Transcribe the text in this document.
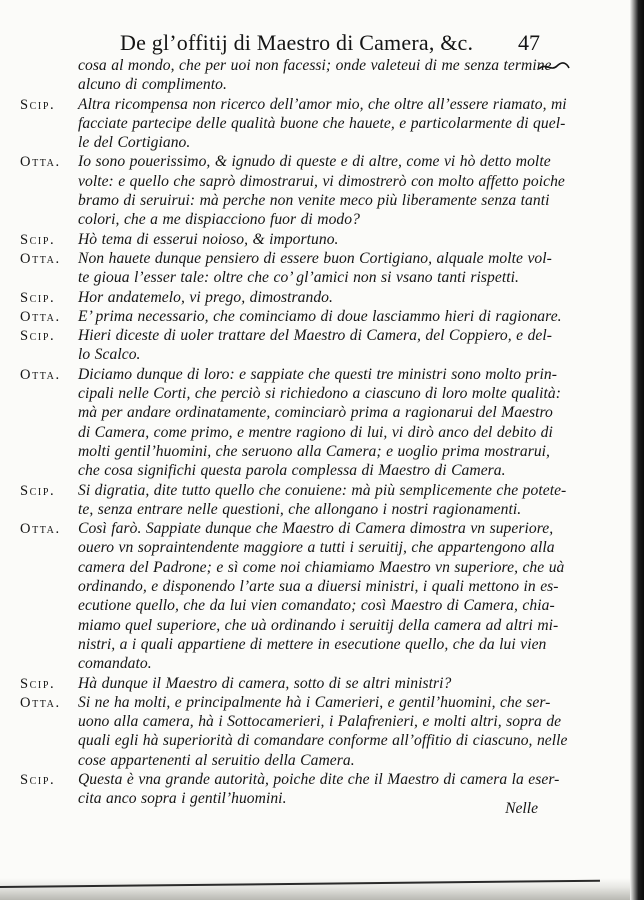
De gl’offitij di Maestro di Camera, &c. 47
cosa al mondo, che per uoi non facessi; onde valeteui di me senza termine
alcuno di complimento.
Scip.	Altra ricompensa non ricerco dell’amor mio, che oltre all’essere riamato, mi
facciate partecipe delle qualità buone che hauete, e particolarmente di quel-
le del Cortigiano.
Otta.	Io sono pouerissimo, & ignudo di queste e di altre, come vi hò detto molte
volte: e quello che saprò dimostrarui, vi dimostrerò con molto affetto poiche
bramo di seruirui: mà perche non venite meco più liberamente senza tanti
colori, che a me dispiacciono fuor di modo?
Scip.	Hò tema di esserui noioso, & importuno.
Otta.	Non hauete dunque pensiero di essere buon Cortigiano, alquale molte vol-
te gioua l’esser tale: oltre che co’ gl’amici non si vsano tanti rispetti.
Scip.	Hor andatemelo, vi prego, dimostrando.
Otta.	E’ prima necessario, che cominciamo di doue lasciammo hieri di ragionare.
Scip.	Hieri diceste di uoler trattare del Maestro di Camera, del Coppiero, e del-
lo Scalco.
Otta.	Diciamo dunque di loro: e sappiate che questi tre ministri sono molto prin-
cipali nelle Corti, che perciò si richiedono a ciascuno di loro molte qualità:
mà per andare ordinatamente, cominciarò prima a ragionarui del Maestro
di Camera, come primo, e mentre ragiono di lui, vi dirò anco del debito di
molti gentil’huomini, che seruono alla Camera; e uoglio prima mostrarui,
che cosa significhi questa parola complessa di Maestro di Camera.
Scip.	Si digratia, dite tutto quello che conuiene: mà più semplicemente che potete-
te, senza entrare nelle questioni, che allongano i nostri ragionamenti.
Otta.	Così farò. Sappiate dunque che Maestro di Camera dimostra vn superiore,
ouero vn sopraintendente maggiore a tutti i seruitij, che appartengono alla
camera del Padrone; e sì come noi chiamiamo Maestro vn superiore, che uà
ordinando, e disponendo l’arte sua a diuersi ministri, i quali mettono in es-
ecutione quello, che da lui vien comandato; così Maestro di Camera, chia-
miamo quel superiore, che uà ordinando i seruitij della camera ad altri mi-
nistri, a i quali appartiene di mettere in esecutione quello, che da lui vien
comandato.
Scip.	Hà dunque il Maestro di camera, sotto di se altri ministri?
Otta.	Si ne ha molti, e principalmente hà i Camerieri, e gentil’huomini, che ser-
uono alla camera, hà i Sottocamerieri, i Palafrenieri, e molti altri, sopra de
quali egli hà superiorità di comandare conforme all’offitio di ciascuno, nelle
cose appartenenti al seruitio della Camera.
Scip.	Questa è vna grande autorità, poiche dite che il Maestro di camera la eser-
cita anco sopra i gentil’huomini.
Nelle
